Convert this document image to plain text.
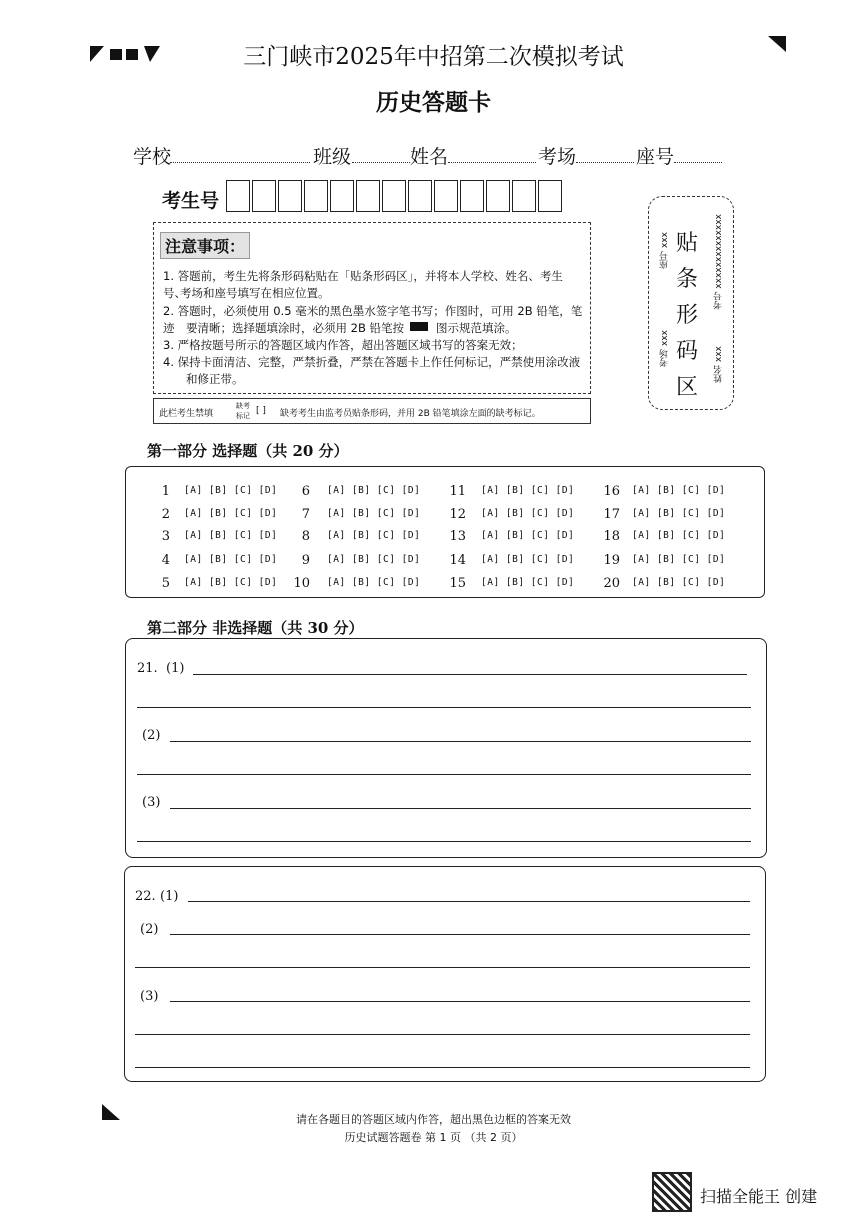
三门峡市2025年中招第二次模拟考试
历史答题卡
学校	班级	姓名	考场	座号
考生号
注意事项：
1. 答题前，考生先将条形码粘贴在「贴条形码区」，并将本人学校、姓名、考生号、
考场和座号填写在相应位置。
2. 答题时，必须使用 0.5 毫米的黑色墨水签字笔书写；作图时，可用 2B 铅笔，笔迹	要清晰；选择题填涂时，必须用 2B 铅笔按	图示规范填涂。
3. 严格按题号所示的答题区域内作答，超出答题区域书写的答案无效；
4. 保持卡面清洁、完整，严禁折叠，严禁在答题卡上作任何标记，严禁使用涂改液
和修正带。
此栏考生禁填
缺考标记 [ ] 缺考考生由监考员贴条形码，并用 2B 铅笔填涂左面的缺考标记。
贴条形码区
座号 xxx	考号 xxxxxxxxxxxxxx
考场 xxx	姓名 xxx
第一部分 选择题（共 20 分）
1 [A] [B] [C] [D]
2 [A] [B] [C] [D]
3 [A] [B] [C] [D]
4 [A] [B] [C] [D]
5 [A] [B] [C] [D]
6 [A] [B] [C] [D]
7 [A] [B] [C] [D]
8 [A] [B] [C] [D]
9 [A] [B] [C] [D]
10 [A] [B] [C] [D]
11 [A] [B] [C] [D]
12 [A] [B] [C] [D]
13 [A] [B] [C] [D]
14 [A] [B] [C] [D]
15 [A] [B] [C] [D]
16 [A] [B] [C] [D]
17 [A] [B] [C] [D]
18 [A] [B] [C] [D]
19 [A] [B] [C] [D]
20 [A] [B] [C] [D]
第二部分 非选择题（共 30 分）
21. (1)
(2)
(3)
22. (1)
(2)
(3)
请在各题目的答题区域内作答，超出黑色边框的答案无效
历史试题答题卷 第 1 页 （共 2 页）
扫描全能王 创建
